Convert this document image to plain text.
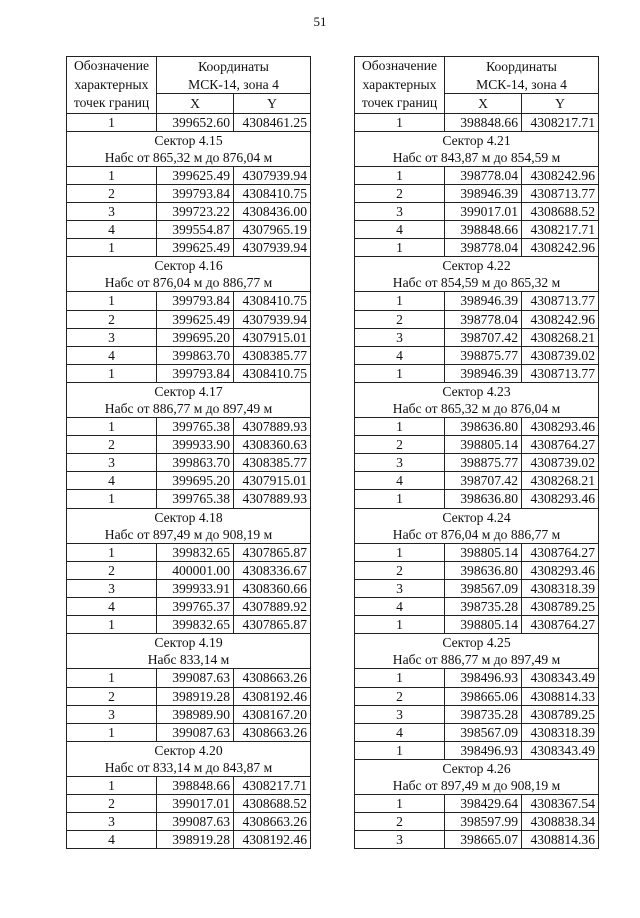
51
Обозначение
характерных
точек границ	Координаты	
	МСК-14, зона 4	
	X	Y
1	399652.60	4308461.25
Сектор 4.15		
Набс от 865,32 м до 876,04 м		
1	399625.49	4307939.94
2	399793.84	4308410.75
3	399723.22	4308436.00
4	399554.87	4307965.19
1	399625.49	4307939.94
Сектор 4.16		
Набс от 876,04 м до 886,77 м		
1	399793.84	4308410.75
2	399625.49	4307939.94
3	399695.20	4307915.01
4	399863.70	4308385.77
1	399793.84	4308410.75
Сектор 4.17		
Набс от 886,77 м до 897,49 м		
1	399765.38	4307889.93
2	399933.90	4308360.63
3	399863.70	4308385.77
4	399695.20	4307915.01
1	399765.38	4307889.93
Сектор 4.18		
Набс от 897,49 м до 908,19 м		
1	399832.65	4307865.87
2	400001.00	4308336.67
3	399933.91	4308360.66
4	399765.37	4307889.92
1	399832.65	4307865.87
Сектор 4.19		
Набс 833,14 м		
1	399087.63	4308663.26
2	398919.28	4308192.46
3	398989.90	4308167.20
1	399087.63	4308663.26
Сектор 4.20		
Набс от 833,14 м до 843,87 м		
1	398848.66	4308217.71
2	399017.01	4308688.52
3	399087.63	4308663.26
4	398919.28	4308192.46
Обозначение
характерных
точек границ	Координаты	
	МСК-14, зона 4	
	X	Y
1	398848.66	4308217.71
Сектор 4.21		
Набс от 843,87 м до 854,59 м		
1	398778.04	4308242.96
2	398946.39	4308713.77
3	399017.01	4308688.52
4	398848.66	4308217.71
1	398778.04	4308242.96
Сектор 4.22		
Набс от 854,59 м до 865,32 м		
1	398946.39	4308713.77
2	398778.04	4308242.96
3	398707.42	4308268.21
4	398875.77	4308739.02
1	398946.39	4308713.77
Сектор 4.23		
Набс от 865,32 м до 876,04 м		
1	398636.80	4308293.46
2	398805.14	4308764.27
3	398875.77	4308739.02
4	398707.42	4308268.21
1	398636.80	4308293.46
Сектор 4.24		
Набс от 876,04 м до 886,77 м		
1	398805.14	4308764.27
2	398636.80	4308293.46
3	398567.09	4308318.39
4	398735.28	4308789.25
1	398805.14	4308764.27
Сектор 4.25		
Набс от 886,77 м до 897,49 м		
1	398496.93	4308343.49
2	398665.06	4308814.33
3	398735.28	4308789.25
4	398567.09	4308318.39
1	398496.93	4308343.49
Сектор 4.26		
Набс от 897,49 м до 908,19 м		
1	398429.64	4308367.54
2	398597.99	4308838.34
3	398665.07	4308814.36
